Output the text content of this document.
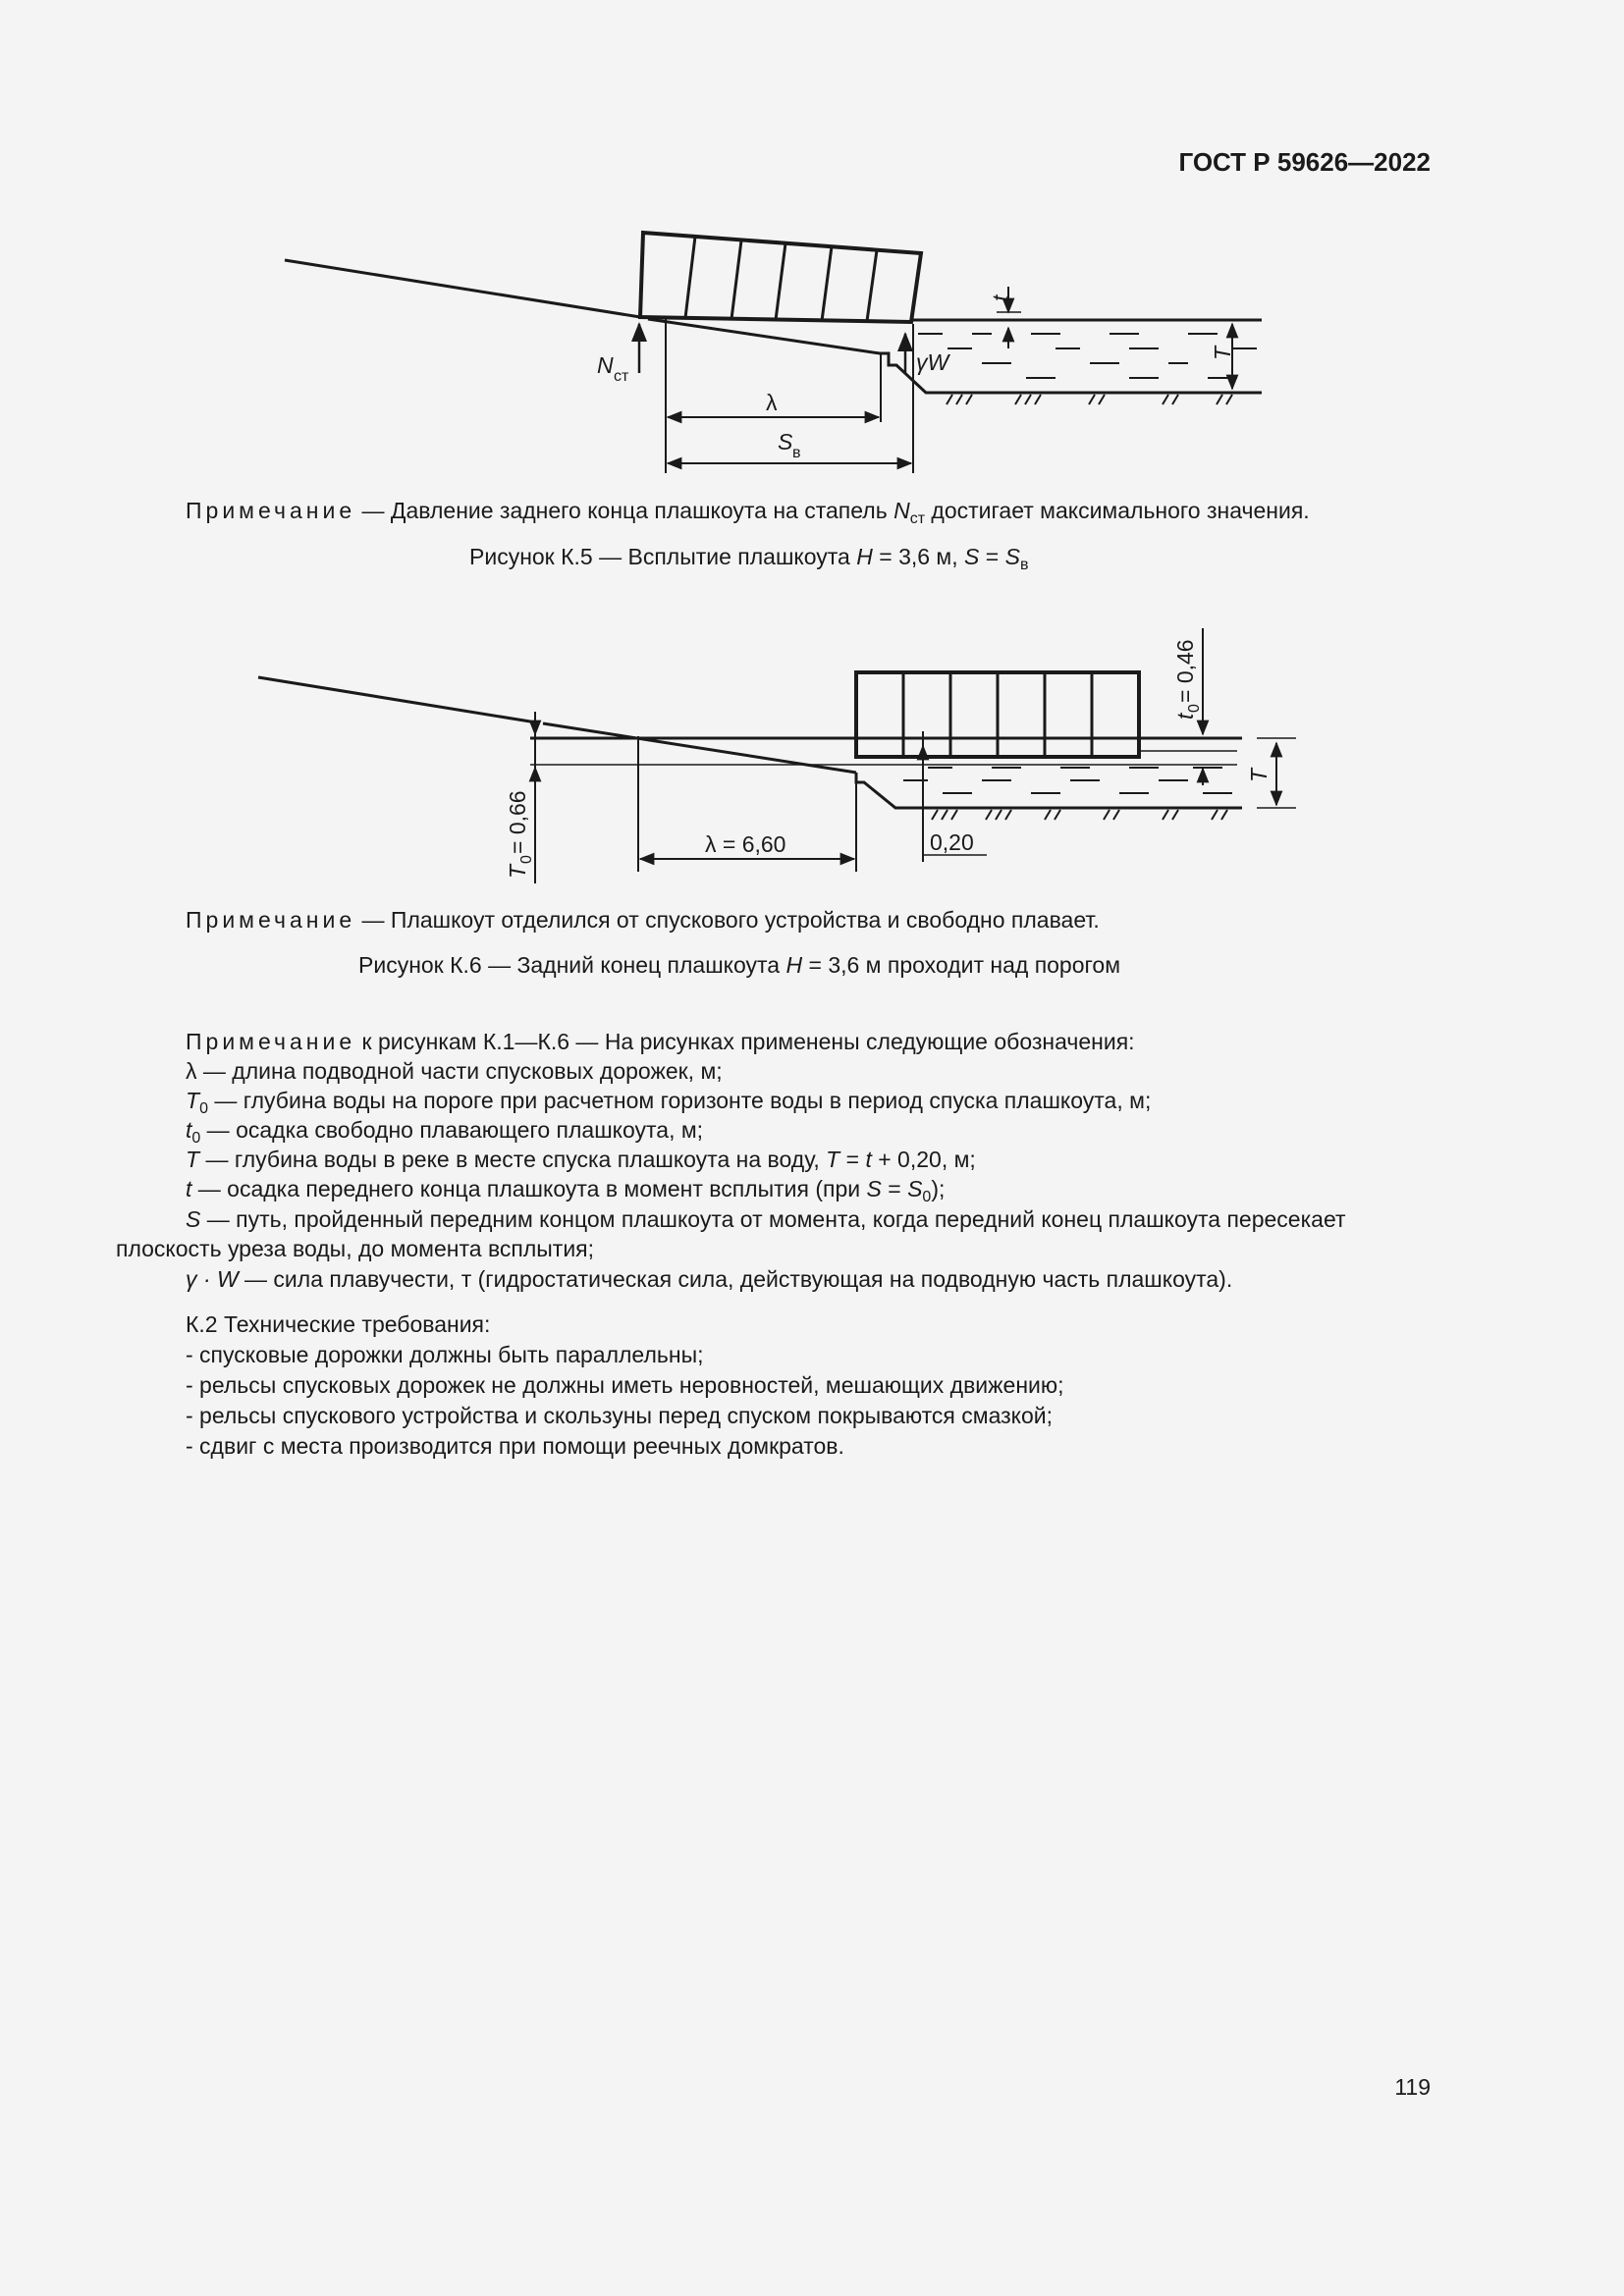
ГОСТ Р 59626—2022
N ст
γW
λ
S в
t
T
Примечание — Давление заднего конца плашкоута на стапель $N_{ст}$ достигает максимального значения.
Рисунок К.5 — Всплытие плашкоута H = 3,6 м, $S = S_в$
T
0
= 0,66	λ = 6,60	0,20
t
0
= 0,46
T
Примечание — Плашкоут отделился от спускового устройства и свободно плавает.
Рисунок К.6 — Задний конец плашкоута H = 3,6 м проходит над порогом
Примечание к рисункам К.1—К.6 — На рисунках применены следующие обозначения:
λ — длина подводной части спусковых дорожек, м;
$T_0$ — глубина воды на пороге при расчетном горизонте воды в период спуска плашкоута, м;
$t_0$ — осадка свободно плавающего плашкоута, м;
T — глубина воды в реке в месте спуска плашкоута на воду, T = t + 0,20, м;
t — осадка переднего конца плашкоута в момент всплытия (при $S = S_0$);
S — путь, пройденный передним концом плашкоута от момента, когда передний конец плашкоута пересекает
плоскость уреза воды, до момента всплытия;
γ · W — сила плавучести, т (гидростатическая сила, действующая на подводную часть плашкоута).
К.2 Технические требования:
- спусковые дорожки должны быть параллельны;
- рельсы спусковых дорожек не должны иметь неровностей, мешающих движению;
- рельсы спускового устройства и скользуны перед спуском покрываются смазкой;
- сдвиг с места производится при помощи реечных домкратов.
119
